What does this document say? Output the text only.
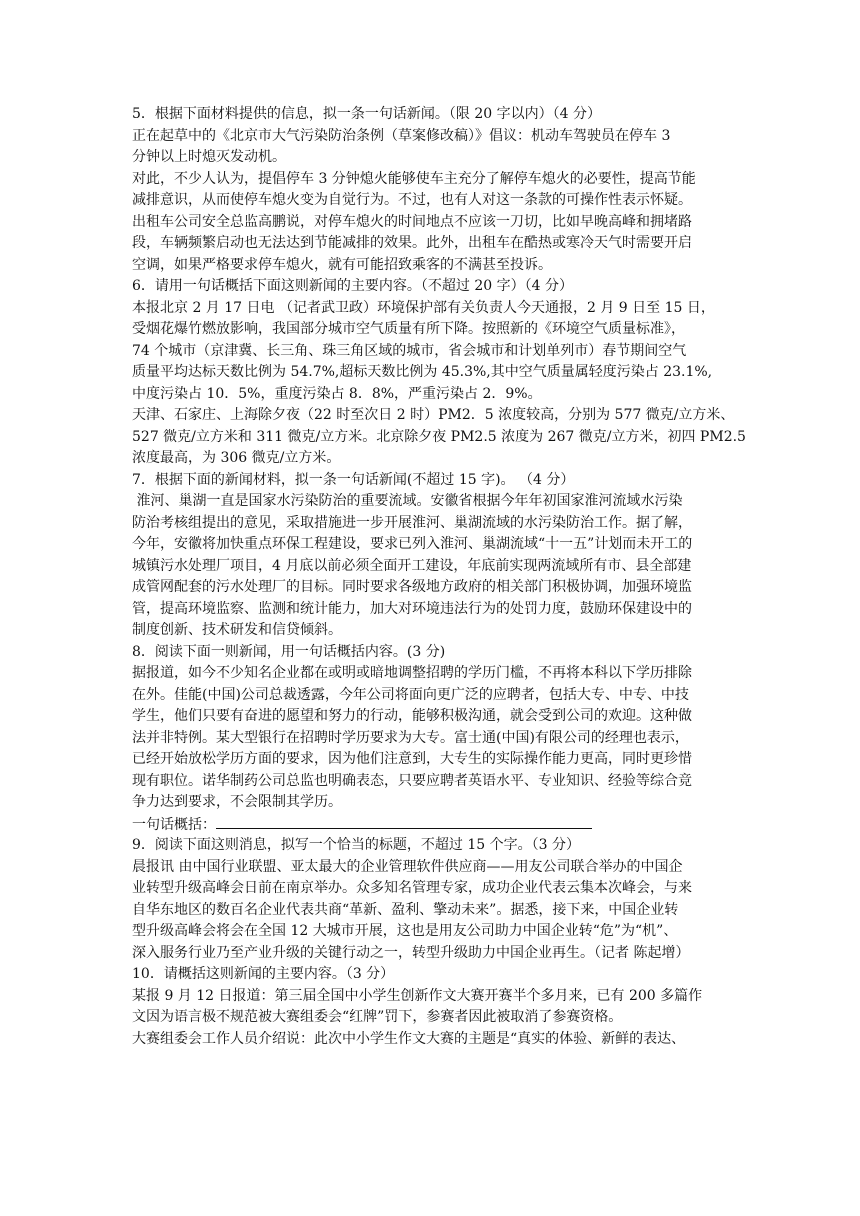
5．根据下面材料提供的信息，拟一条一句话新闻。（限 20 字以内）（4 分）
正在起草中的《北京市大气污染防治条例（草案修改稿）》倡议：机动车驾驶员在停车 3
分钟以上时熄灭发动机。
对此，不少人认为，提倡停车 3 分钟熄火能够使车主充分了解停车熄火的必要性，提高节能
减排意识，从而使停车熄火变为自觉行为。不过，也有人对这一条款的可操作性表示怀疑。
出租车公司安全总监高鹏说，对停车熄火的时间地点不应该一刀切，比如早晚高峰和拥堵路
段，车辆频繁启动也无法达到节能减排的效果。此外，出租车在酷热或寒冷天气时需要开启
空调，如果严格要求停车熄火，就有可能招致乘客的不满甚至投诉。
6．请用一句话概括下面这则新闻的主要内容。（不超过 20 字）（4 分）
本报北京 2 月 17 日电 （记者武卫政）环境保护部有关负责人今天通报，2 月 9 日至 15 日，
受烟花爆竹燃放影响，我国部分城市空气质量有所下降。按照新的《环境空气质量标准》，
74 个城市（京津冀、长三角、珠三角区域的城市，省会城市和计划单列市）春节期间空气
质量平均达标天数比例为 54.7%,超标天数比例为 45.3%,其中空气质量属轻度污染占 23.1%,
中度污染占 10．5%，重度污染占 8．8%，严重污染占 2．9%。
天津、石家庄、上海除夕夜（22 时至次日 2 时）PM2．5 浓度较高，分别为 577 微克/立方米、
527 微克/立方米和 311 微克/立方米。北京除夕夜 PM2.5 浓度为 267 微克/立方米，初四 PM2.5
浓度最高，为 306 微克/立方米。
7．根据下面的新闻材料，拟一条一句话新闻(不超过 15 字)。 （4 分）
淮河、巢湖一直是国家水污染防治的重要流域。安徽省根据今年年初国家淮河流域水污染
防治考核组提出的意见，采取措施进一步开展淮河、巢湖流域的水污染防治工作。据了解，
今年，安徽将加快重点环保工程建设，要求已列入淮河、巢湖流域“十一五”计划而未开工的
城镇污水处理厂项目，4 月底以前必须全面开工建设，年底前实现两流域所有市、县全部建
成管网配套的污水处理厂的目标。同时要求各级地方政府的相关部门积极协调，加强环境监
管，提高环境监察、监测和统计能力，加大对环境违法行为的处罚力度，鼓励环保建设中的
制度创新、技术研发和信贷倾斜。
8．阅读下面一则新闻，用一句话概括内容。(3 分)
据报道，如今不少知名企业都在或明或暗地调整招聘的学历门槛，不再将本科以下学历排除
在外。佳能(中国)公司总裁透露，今年公司将面向更广泛的应聘者，包括大专、中专、中技
学生，他们只要有奋进的愿望和努力的行动，能够积极沟通，就会受到公司的欢迎。这种做
法并非特例。某大型银行在招聘时学历要求为大专。富士通(中国)有限公司的经理也表示，
已经开始放松学历方面的要求，因为他们注意到，大专生的实际操作能力更高，同时更珍惜
现有职位。诺华制药公司总监也明确表态，只要应聘者英语水平、专业知识、经验等综合竞
争力达到要求，不会限制其学历。
一句话概括：
9．阅读下面这则消息，拟写一个恰当的标题，不超过 15 个字。（3 分）
晨报讯 由中国行业联盟、亚太最大的企业管理软件供应商——用友公司联合举办的中国企
业转型升级高峰会日前在南京举办。众多知名管理专家，成功企业代表云集本次峰会，与来
自华东地区的数百名企业代表共商“革新、盈利、擎动未来”。据悉，接下来，中国企业转
型升级高峰会将会在全国 12 大城市开展，这也是用友公司助力中国企业转“危”为“机”、
深入服务行业乃至产业升级的关键行动之一，转型升级助力中国企业再生。（记者 陈起增）
10．请概括这则新闻的主要内容。（3 分）
某报 9 月 12 日报道：第三届全国中小学生创新作文大赛开赛半个多月来，已有 200 多篇作
文因为语言极不规范被大赛组委会“红牌”罚下，参赛者因此被取消了参赛资格。
大赛组委会工作人员介绍说：此次中小学生作文大赛的主题是“真实的体验、新鲜的表达、
